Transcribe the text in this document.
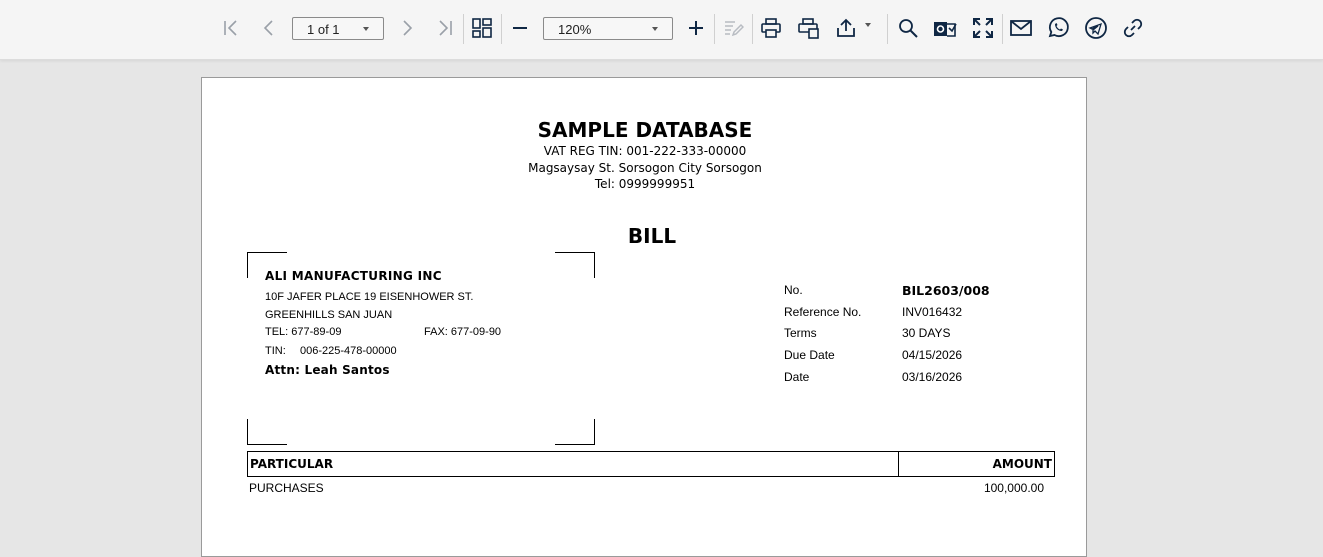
1 of 1	120%
SAMPLE DATABASE
VAT REG TIN: 001-222-333-00000
Magsaysay St. Sorsogon City Sorsogon
Tel: 0999999951
BILL
ALI MANUFACTURING INC
10F JAFER PLACE 19 EISENHOWER ST.
GREENHILLS SAN JUAN
TEL: 677-89-09	FAX: 677-09-90
TIN: 006-225-478-00000
Attn: Leah Santos
No.	BIL2603/008
Reference No.	INV016432
Terms	30 DAYS
Due Date	04/15/2026
Date	03/16/2026
PARTICULAR	AMOUNT
PURCHASES	100,000.00
